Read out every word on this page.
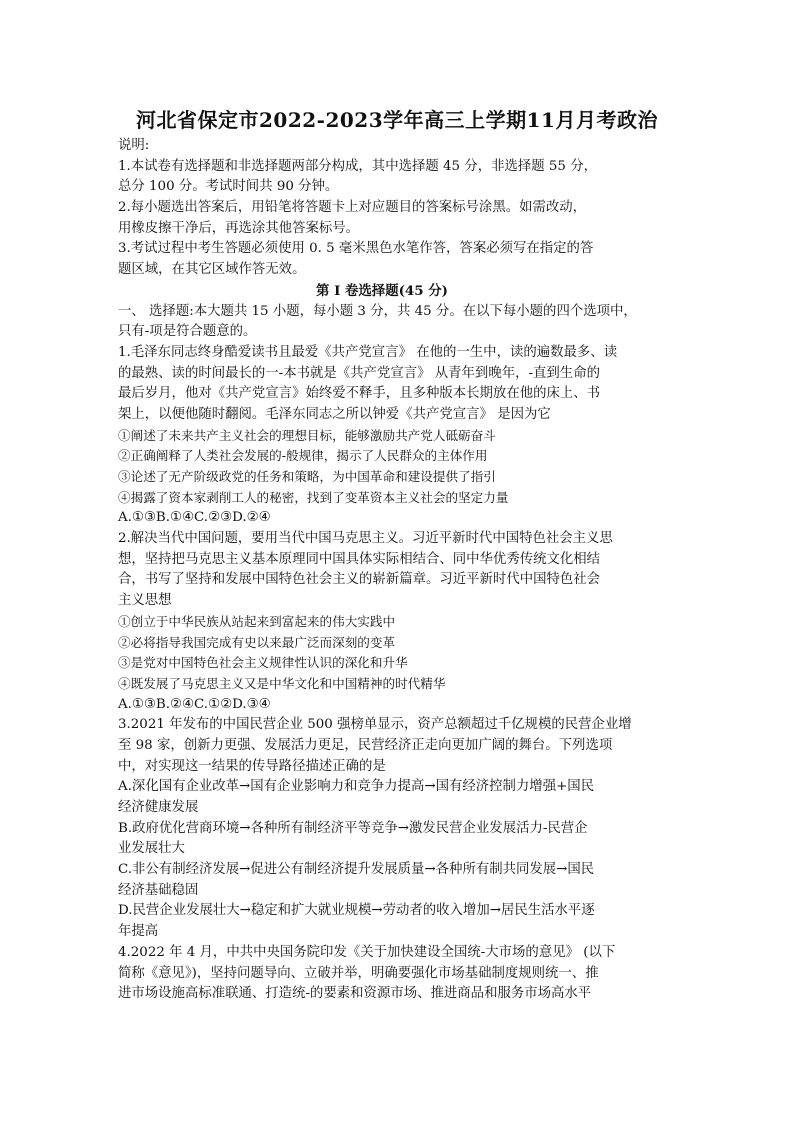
河北省保定市2022-2023学年高三上学期11月月考政治
说明:
1.本试卷有选择题和非选择题两部分构成，其中选择题 45 分，非选择题 55 分，
总分 100 分。考试时间共 90 分钟。
2.每小题选出答案后，用铅笔将答题卡上对应题目的答案标号涂黑。如需改动，
用橡皮擦干净后，再选涂其他答案标号。
3.考试过程中考生答题必须使用 0. 5 毫米黑色水笔作答，答案必须写在指定的答
题区域，在其它区域作答无效。
第 I 卷选择题(45 分)
一、 选择题:本大题共 15 小题，每小题 3 分，共 45 分。在以下每小题的四个选项中，
只有-项是符合题意的。
1.毛泽东同志终身酷爱读书且最爱《共产党宣言》 在他的一生中，读的遍数最多、读
的最熟、读的时间最长的一-本书就是《共产党宣言》 从青年到晚年，-直到生命的
最后岁月，他对《共产党宣言》始终爱不释手，且多种版本长期放在他的床上、书
架上，以便他随时翻阅。毛泽东同志之所以钟爱《共产党宣言》 是因为它
①阐述了未来共产主义社会的理想目标，能够激励共产党人砥砺奋斗
②正确阐释了人类社会发展的-般规律，揭示了人民群众的主体作用
③论述了无产阶级政党的任务和策略，为中国革命和建设提供了指引
④揭露了资本家剥削工人的秘密，找到了变革资本主义社会的坚定力量
A.①③B.①④C.②③D.②④
2.解决当代中国问题，要用当代中国马克思主义。习近平新时代中国特色社会主义思
想，坚持把马克思主义基本原理同中国具体实际相结合、同中华优秀传统文化相结
合，书写了坚持和发展中国特色社会主义的崭新篇章。习近平新时代中国特色社会
主义思想
①创立于中华民族从站起来到富起来的伟大实践中
②必将指导我国完成有史以来最广泛而深刻的变革
③是党对中国特色社会主义规律性认识的深化和升华
④既发展了马克思主义又是中华文化和中国精神的时代精华
A.①③B.②④C.①②D.③④
3.2021 年发布的中国民营企业 500 强榜单显示，资产总额超过千亿规模的民营企业增
至 98 家，创新力更强、发展活力更足，民营经济正走向更加广阔的舞台。下列选项
中，对实现这一结果的传导路径描述正确的是
A.深化国有企业改革→国有企业影响力和竞争力提高→国有经济控制力增强+国民
经济健康发展
B.政府优化营商环境→各种所有制经济平等竞争→激发民营企业发展活力-民营企
业发展壮大
C.非公有制经济发展→促进公有制经济提升发展质量→各种所有制共同发展→国民
经济基础稳固
D.民营企业发展壮大→稳定和扩大就业规模→劳动者的收入增加→居民生活水平逐
年提高
4.2022 年 4 月，中共中央国务院印发《关于加快建设全国统-大市场的意见》 (以下
简称《意见》)，坚持问题导向、立破并举，明确要强化市场基础制度规则统一、推
进市场设施高标准联通、打造统-的要素和资源市场、推进商品和服务市场高水平
